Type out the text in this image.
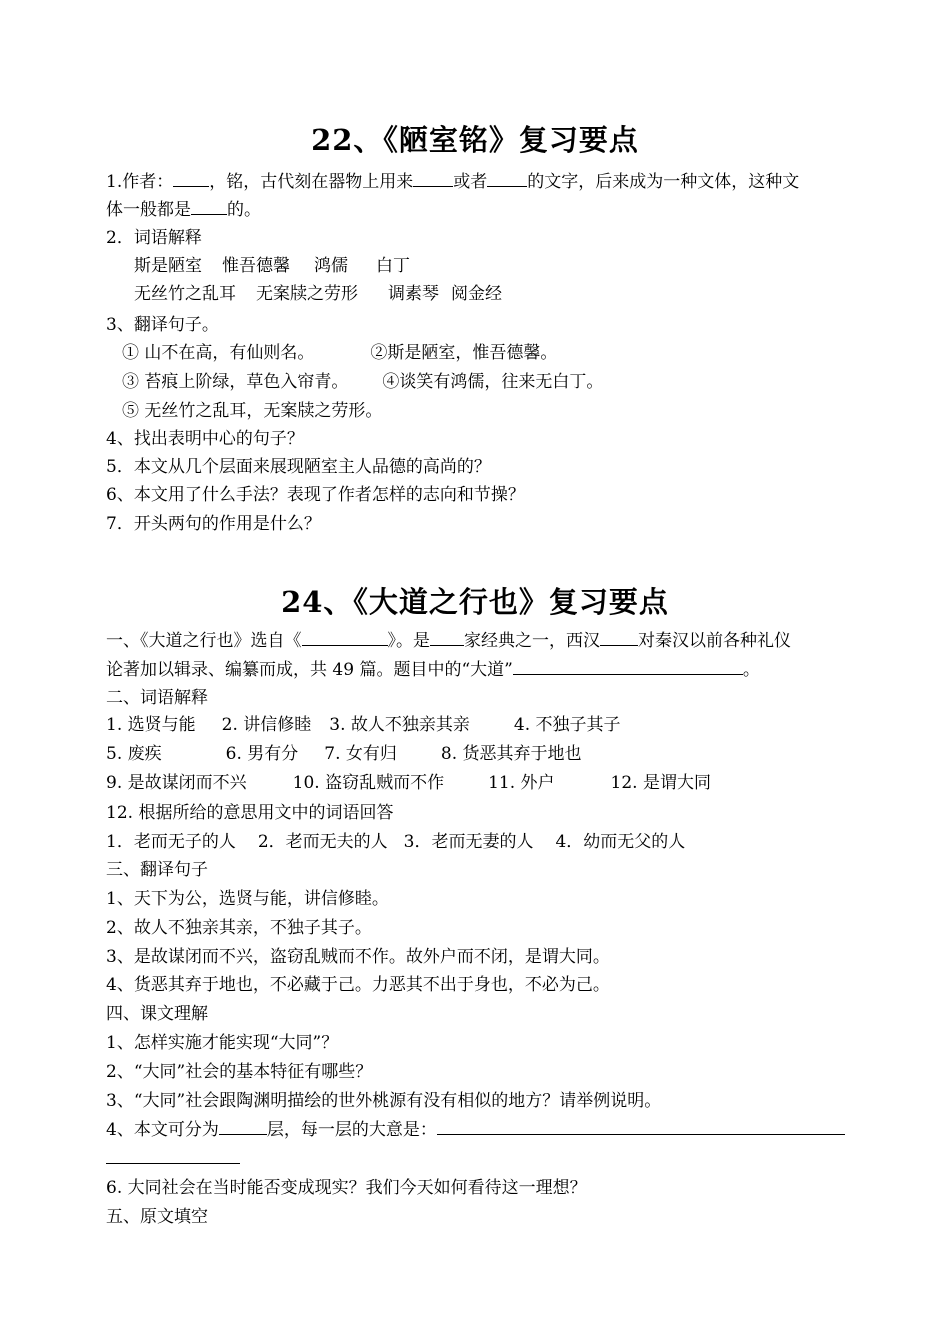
22、《陋室铭》复习要点
1.作者： ，铭，古代刻在器物上用来 或者 的文字，后来成为一种文体，这种文
体一般都是 的。
2．词语解释
斯是陋室 惟吾德馨 鸿儒 白丁
无丝竹之乱耳 无案牍之劳形 调素琴 阅金经
3、翻译句子。
① 山不在高，有仙则名。	②斯是陋室，惟吾德馨。
③ 苔痕上阶绿，草色入帘青。 ④谈笑有鸿儒，往来无白丁。
⑤ 无丝竹之乱耳，无案牍之劳形。
4、找出表明中心的句子？
5．本文从几个层面来展现陋室主人品德的高尚的？
6、本文用了什么手法？表现了作者怎样的志向和节操？
7．开头两句的作用是什么？
24、《大道之行也》复习要点
一、《大道之行也》选自《	》。是 家经典之一，西汉 对秦汉以前各种礼仪
论著加以辑录、编纂而成，共 49 篇。题目中的“大道”	。
二、词语解释
1. 选贤与能 2. 讲信修睦 3. 故人不独亲其亲	4. 不独子其子
5. 废疾	6. 男有分 7. 女有归	8. 货恶其弃于地也
9. 是故谋闭而不兴	10. 盗窃乱贼而不作	11. 外户	12. 是谓大同
12. 根据所给的意思用文中的词语回答
1．老而无子的人 2．老而无夫的人 3．老而无妻的人 4．幼而无父的人
三、翻译句子
1、天下为公，选贤与能，讲信修睦。
2、故人不独亲其亲，不独子其子。
3、是故谋闭而不兴，盗窃乱贼而不作。故外户而不闭，是谓大同。
4、货恶其弃于地也，不必藏于己。力恶其不出于身也，不必为己。
四、课文理解
1、怎样实施才能实现“大同”？
2、“大同”社会的基本特征有哪些？
3、“大同”社会跟陶渊明描绘的世外桃源有没有相似的地方？请举例说明。
4、本文可分为	层，每一层的大意是：
6. 大同社会在当时能否变成现实？我们今天如何看待这一理想？
五、原文填空
